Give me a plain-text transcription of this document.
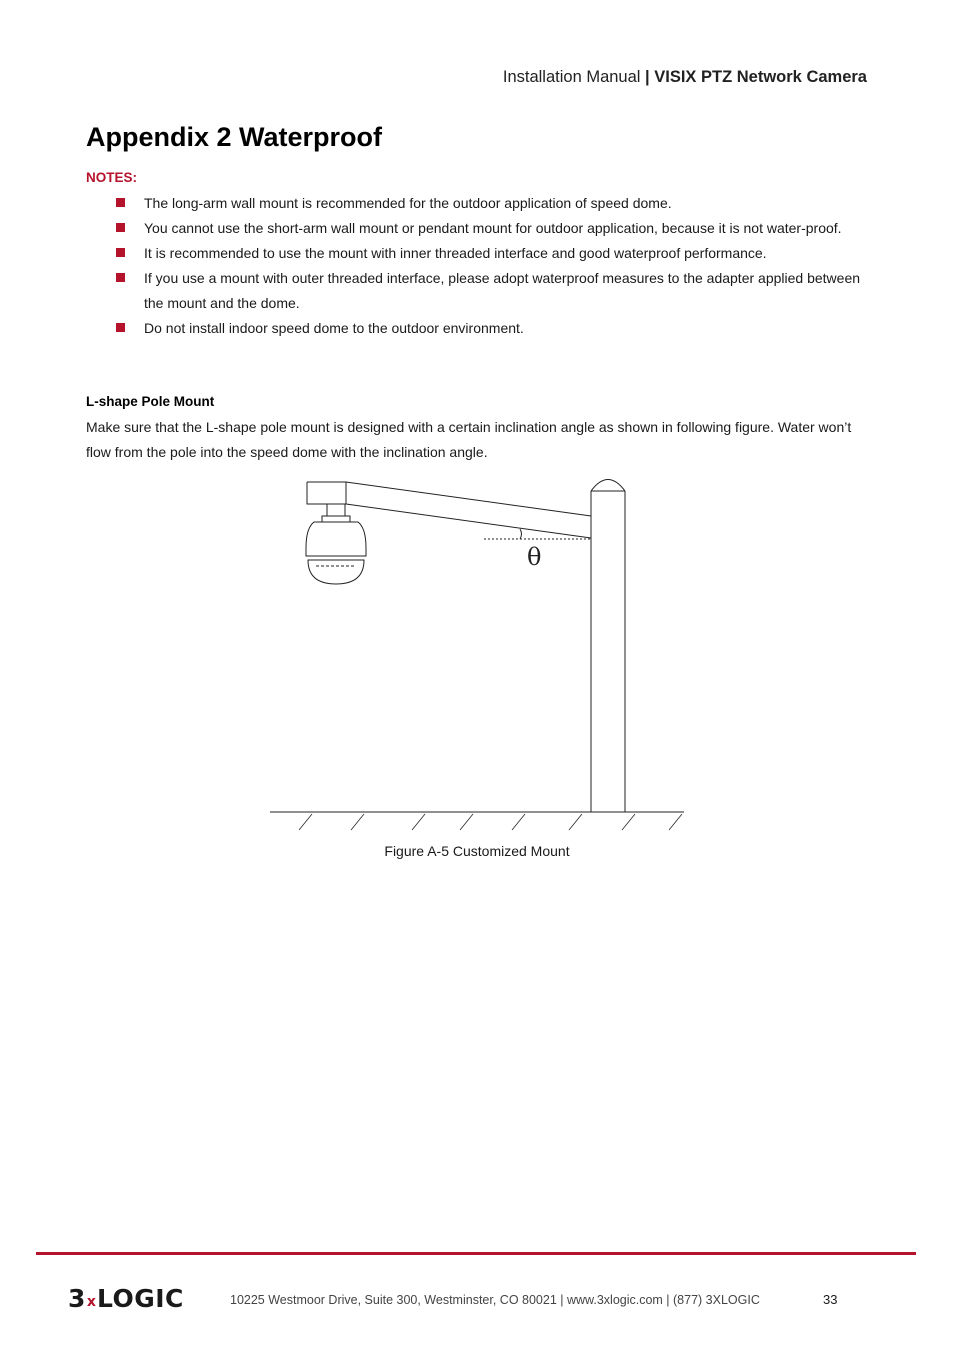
Installation Manual | VISIX PTZ Network Camera
Appendix 2 Waterproof
NOTES:
The long-arm wall mount is recommended for the outdoor application of speed dome.
You cannot use the short-arm wall mount or pendant mount for outdoor application, because it is not water-proof.
It is recommended to use the mount with inner threaded interface and good waterproof performance.
If you use a mount with outer threaded interface, please adopt waterproof measures to the adapter applied between the mount and the dome.
Do not install indoor speed dome to the outdoor environment.
L-shape Pole Mount

Make sure that the L-shape pole mount is designed with a certain inclination angle as shown in following figure. Water won’t flow from the pole into the speed dome with the inclination angle.

θ
Figure A-5 Customized Mount
3 x LOGIC	10225 Westmoor Drive, Suite 300, Westminster, CO 80021 | www.3xlogic.com | (877) 3XLOGIC	33
